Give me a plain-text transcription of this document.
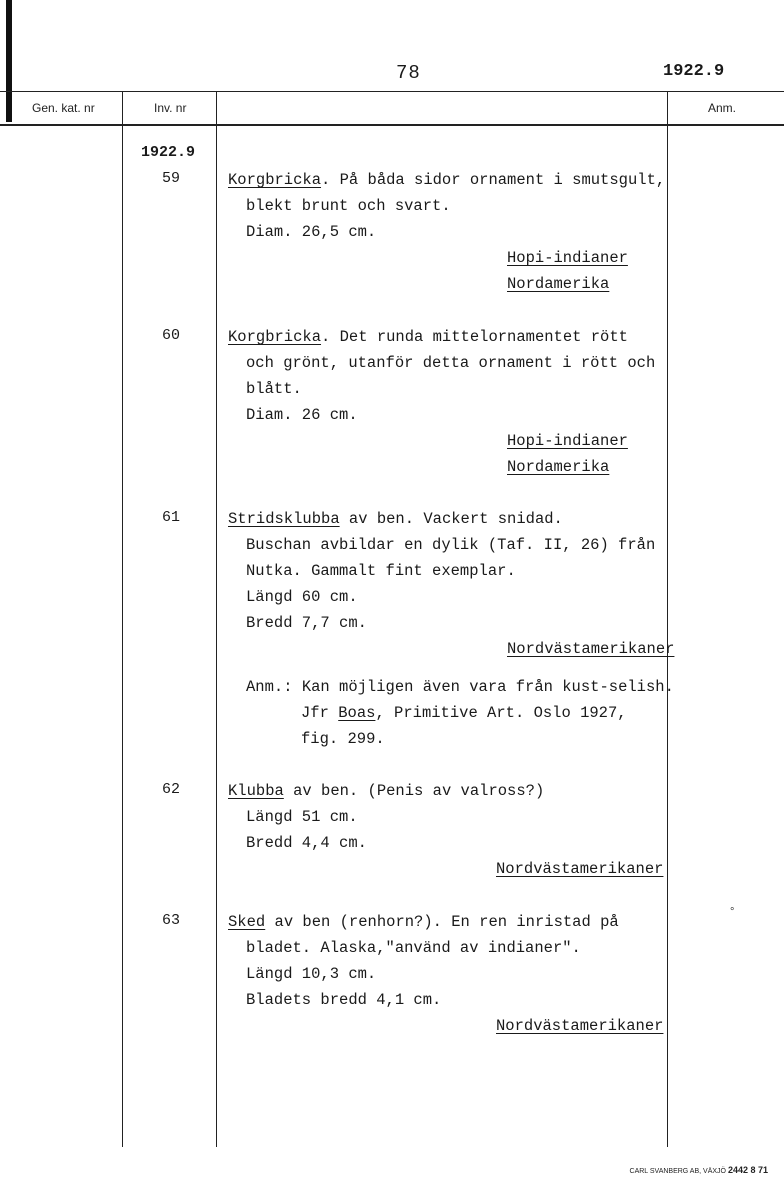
78	1922.9
Gen. kat. nr	Inv. nr	Anm.
1922.9
59	Korgbricka. På båda sidor ornament i smutsgult,
blekt brunt och svart.
Diam. 26,5 cm.
Hopi-indianer
Nordamerika
60	Korgbricka. Det runda mittelornamentet rött
och grönt, utanför detta ornament i rött och
blått.
Diam. 26 cm.
Hopi-indianer
Nordamerika
61	Stridsklubba av ben. Vackert snidad.
Buschan avbildar en dylik (Taf. II, 26) från
Nutka. Gammalt fint exemplar.
Längd 60 cm.
Bredd 7,7 cm.
Nordvästamerikaner
Anm.: Kan möjligen även vara från kust-selish.
Jfr Boas, Primitive Art. Oslo 1927,
fig. 299.
62	Klubba av ben. (Penis av valross?)
Längd 51 cm.
Bredd 4,4 cm.
Nordvästamerikaner
63	Sked av ben (renhorn?). En ren inristad på
bladet. Alaska,"använd av indianer".
Längd 10,3 cm.
Bladets bredd 4,1 cm.
Nordvästamerikaner
°
CARL SVANBERG AB, VÄXJÖ 2442 8 71
